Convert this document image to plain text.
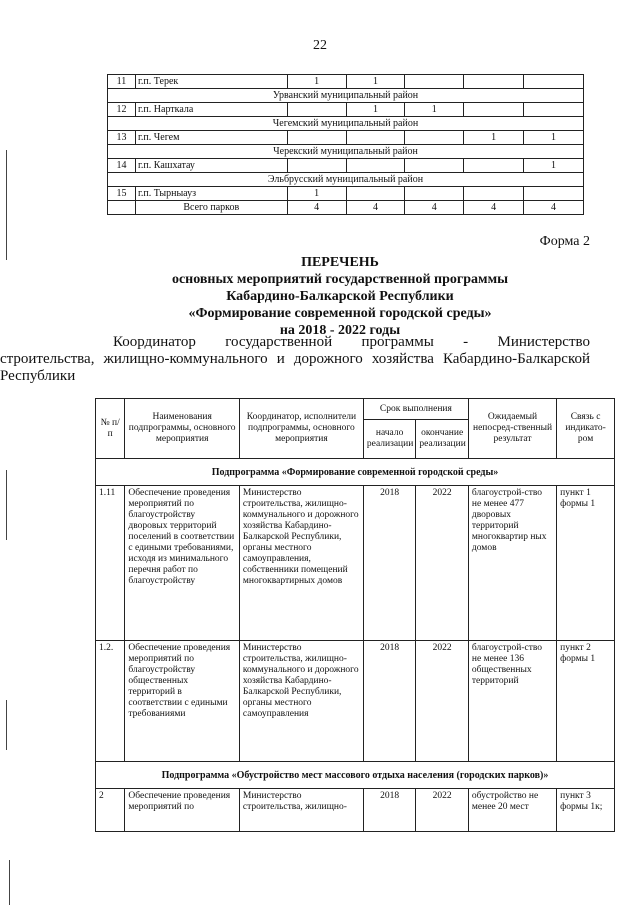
22
11	г.п. Терек	1	1			
Урванский муниципальный район						
12	г.п. Нарткала		1	1		
Чегемский муниципальный район						
13	г.п. Чегем				1	1
Черекский муниципальный район						
14	г.п. Кашхатау					1
Эльбрусский муниципальный район						
15	г.п. Тырныауз	1				
	Всего парков	4	4	4	4	4
Форма 2
ПЕРЕЧЕНЬ
основных мероприятий государственной программы
Кабардино-Балкарской Республики
«Формирование современной городской среды»
на 2018 - 2022 годы
Координатор государственной программы - Министерство
строительства, жилищно-коммунального и дорожного хозяйства Кабардино-Балкарской Республики
№ п/п	Наименования подпрограммы, основного мероприятия	Координатор, исполнители подпрограммы, основного мероприятия	Срок выполнения		Ожидаемый непосред-ственный результат	Связь с индикато-ром
			начало реализации	окончание реализации		
Подпрограмма «Формирование современной городской среды»						
1.11	Обеспечение проведения мероприятий по благоустройству дворовых территорий поселений в соответствии с едиными требованиями, исходя из минимального перечня работ по благоустройству	Министерство строительства, жилищно-коммунального и дорожного хозяйства Кабардино-Балкарской Республики, органы местного самоуправления, собственники помещений многоквартирных домов	2018	2022	благоустрой-ство не менее 477 дворовых территорий многоквартир ных домов	пункт 1 формы 1
1.2.	Обеспечение проведения мероприятий по благоустройству общественных территорий в соответствии с едиными требованиями	Министерство строительства, жилищно-коммунального и дорожного хозяйства Кабардино-Балкарской Республики, органы местного самоуправления	2018	2022	благоустрой-ство не менее 136 общественных территорий	пункт 2 формы 1
Подпрограмма «Обустройство мест массового отдыха населения (городских парков)»						
2	Обеспечение проведения мероприятий по	Министерство строительства, жилищно-	2018	2022	обустройство не менее 20 мест	пункт 3 формы 1к;
